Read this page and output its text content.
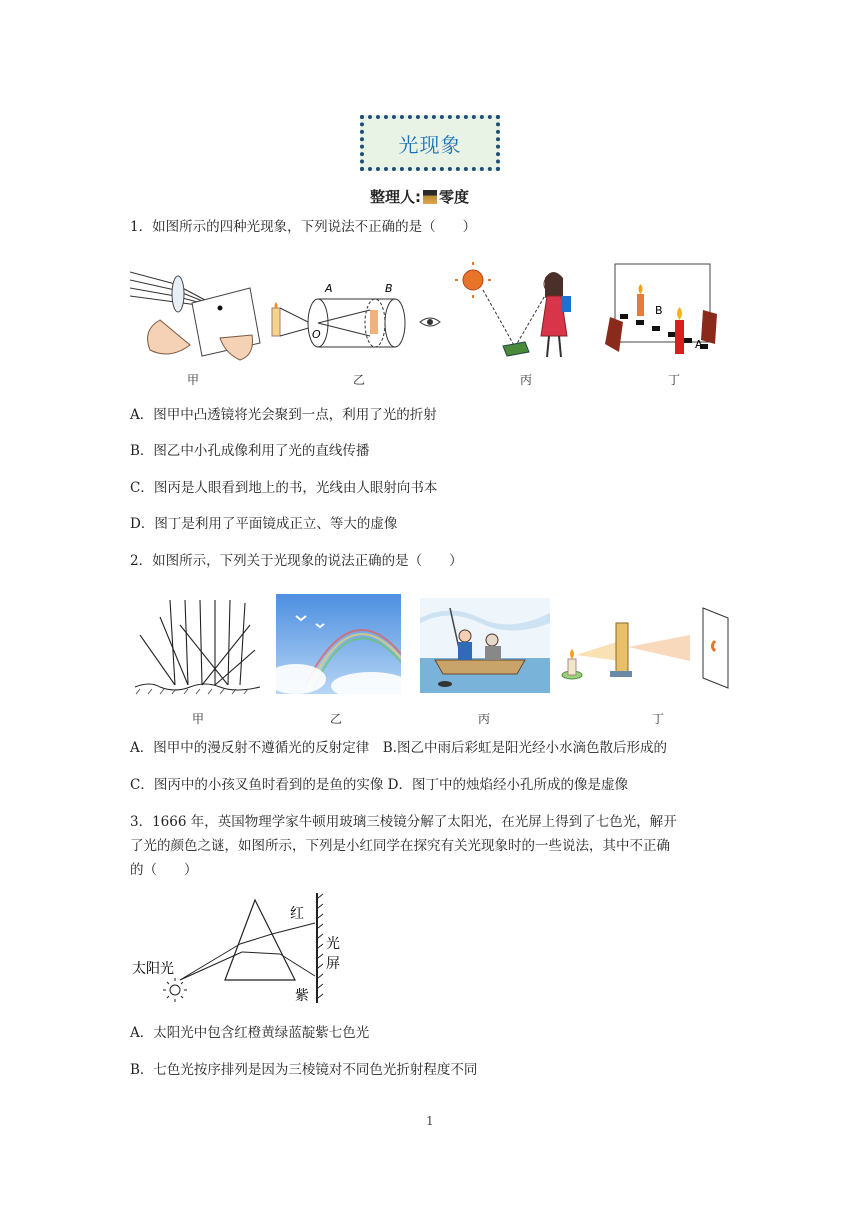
光现象
整理人: 零度
1．如图所示的四种光现象，下列说法不正确的是（　　）
甲
A	B
O
乙	丙
B
A
丁
A．图甲中凸透镜将光会聚到一点，利用了光的折射
B．图乙中小孔成像利用了光的直线传播
C．图丙是人眼看到地上的书，光线由人眼射向书本
D．图丁是利用了平面镜成正立、等大的虚像
2．如图所示，下列关于光现象的说法正确的是（　　）
甲	乙	丙	丁
A．图甲中的漫反射不遵循光的反射定律　B.图乙中雨后彩虹是阳光经小水滴色散后形成的
C．图丙中的小孩叉鱼时看到的是鱼的实像 D．图丁中的烛焰经小孔所成的像是虚像
3．1666 年，英国物理学家牛顿用玻璃三棱镜分解了太阳光，在光屏上得到了七色光，解开
了光的颜色之谜，如图所示，下列是小红同学在探究有关光现象时的一些说法，其中不正确
的（　　）
太阳光
红
紫
光
屏
A．太阳光中包含红橙黄绿蓝靛紫七色光
B．七色光按序排列是因为三棱镜对不同色光折射程度不同
1
